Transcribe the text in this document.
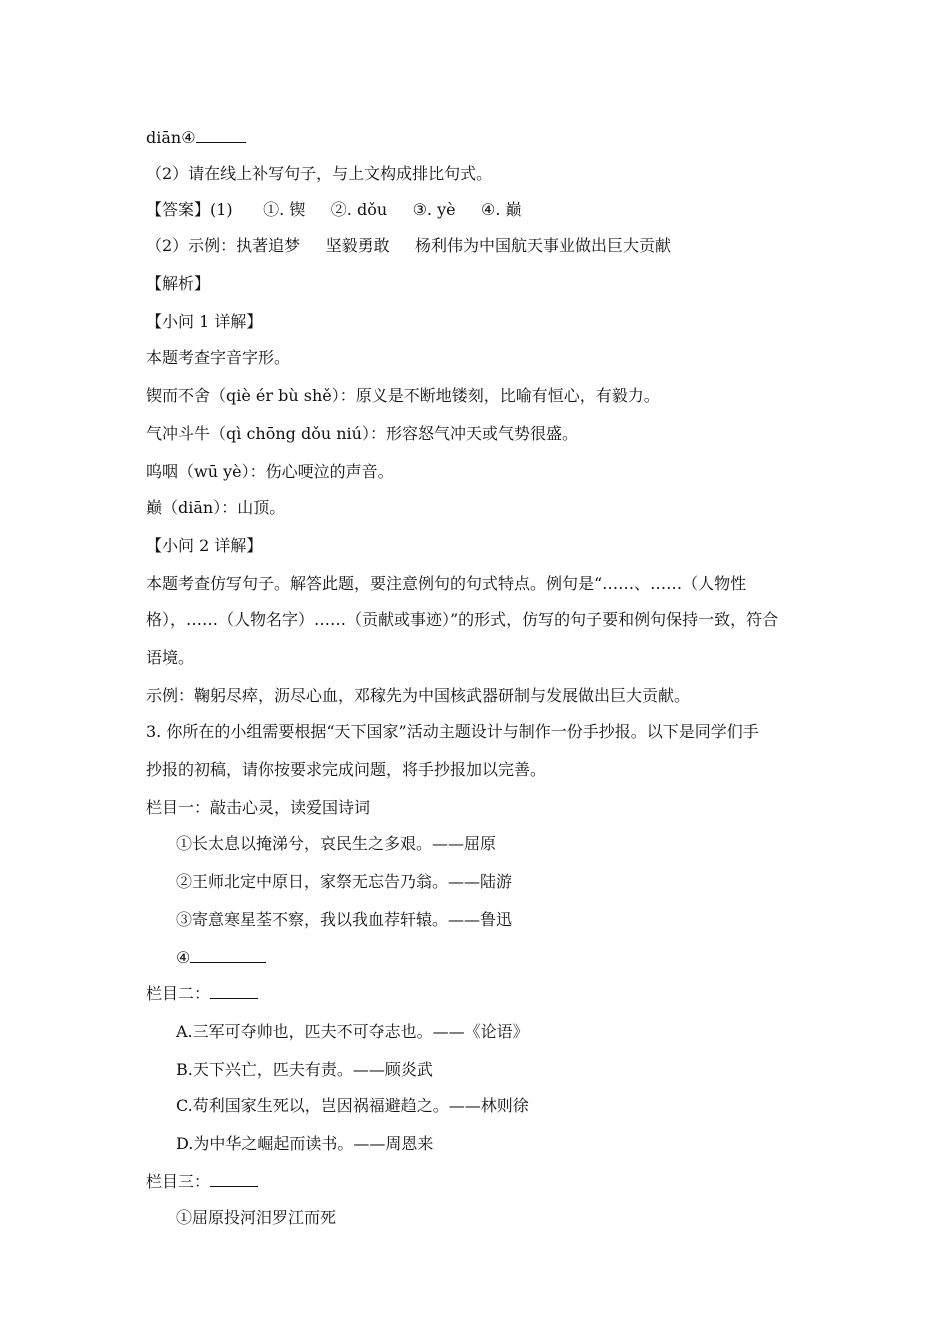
diān④
（2）请在线上补写句子，与上文构成排比句式。
【答案】(1)      ①. 锲     ②. dǒu     ③. yè     ④. 巅
（2）示例：执著追梦     坚毅勇敢     杨利伟为中国航天事业做出巨大贡献
【解析】
【小问 1 详解】
本题考查字音字形。
锲而不舍（qiè ér bù shě）：原义是不断地镂刻，比喻有恒心，有毅力。
气冲斗牛（qì chōng dǒu niú）：形容怒气冲天或气势很盛。
呜咽（wū yè）：伤心哽泣的声音。
巅（diān）：山顶。
【小问 2 详解】
本题考查仿写句子。解答此题，要注意例句的句式特点。例句是“……、……（人物性
格），……（人物名字）……（贡献或事迹）”的形式，仿写的句子要和例句保持一致，符合
语境。
示例：鞠躬尽瘁，沥尽心血，邓稼先为中国核武器研制与发展做出巨大贡献。
3. 你所在的小组需要根据“天下国家”活动主题设计与制作一份手抄报。以下是同学们手
抄报的初稿，请你按要求完成问题，将手抄报加以完善。
栏目一：敲击心灵，读爱国诗词
①长太息以掩涕兮，哀民生之多艰。——屈原
②王师北定中原日，家祭无忘告乃翁。——陆游
③寄意寒星荃不察，我以我血荐轩辕。——鲁迅
④
栏目二：
A.三军可夺帅也，匹夫不可夺志也。——《论语》
B.天下兴亡，匹夫有责。——顾炎武
C.苟利国家生死以，岂因祸福避趋之。——林则徐
D.为中华之崛起而读书。——周恩来
栏目三：
①屈原投河汨罗江而死
